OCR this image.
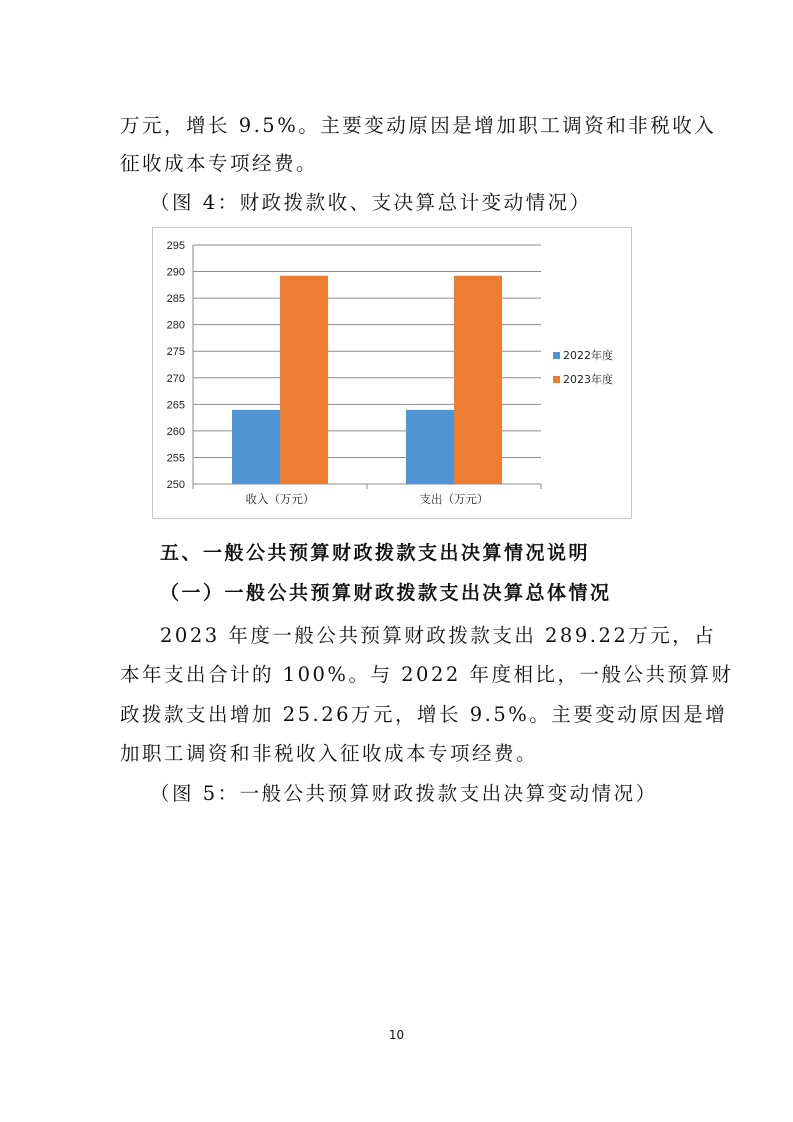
万元，增长 9.5%。主要变动原因是增加职工调资和非税收入
征收成本专项经费。
（图 4：财政拨款收、支决算总计变动情况）
250
255
260
265
270
275
280
285
290
295
收入（万元）	支出（万元）
2022年度
2023年度
五、一般公共预算财政拨款支出决算情况说明
（一）一般公共预算财政拨款支出决算总体情况
2023 年度一般公共预算财政拨款支出 289.22万元，占
本年支出合计的 100%。与 2022 年度相比，一般公共预算财
政拨款支出增加 25.26万元，增长 9.5%。主要变动原因是增
加职工调资和非税收入征收成本专项经费。
（图 5：一般公共预算财政拨款支出决算变动情况）
10
